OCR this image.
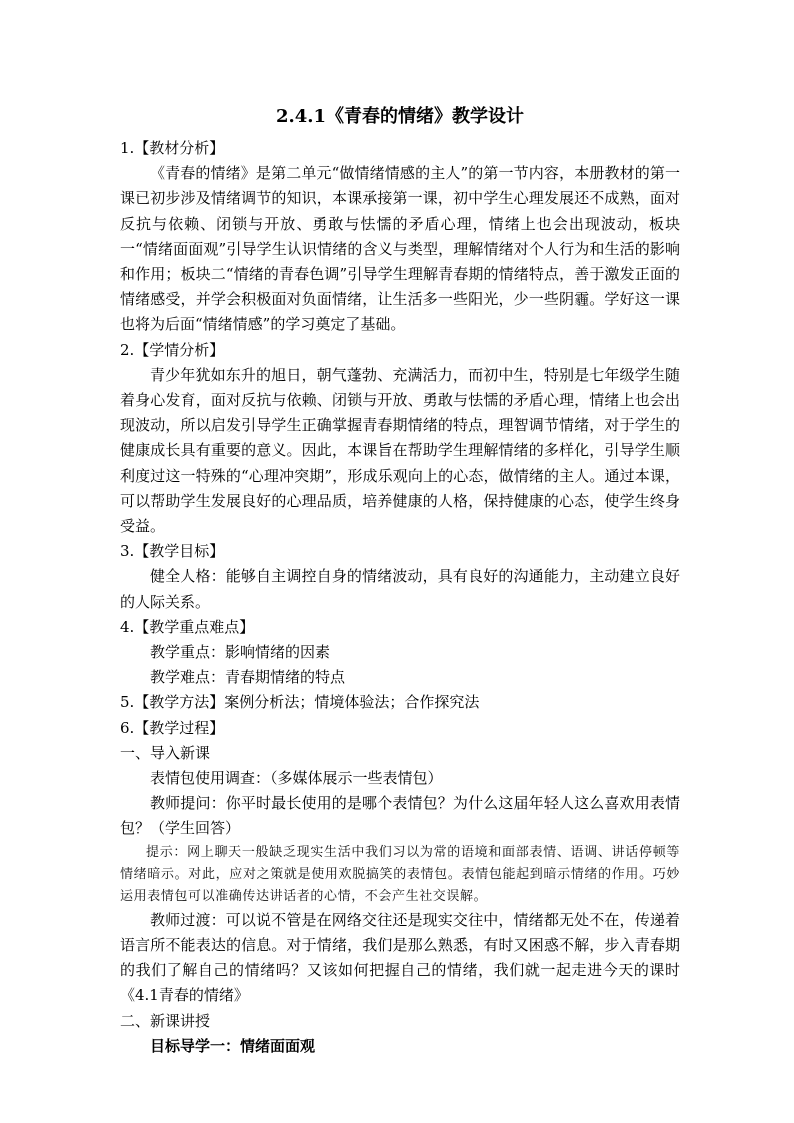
2.4.1《青春的情绪》教学设计
1.【教材分析】
《青春的情绪》是第二单元“做情绪情感的主人”的第一节内容，本册教材的第一课已初步涉及情绪调节的知识，本课承接第一课，初中学生心理发展还不成熟，面对反抗与依赖、闭锁与开放、勇敢与怯懦的矛盾心理，情绪上也会出现波动，板块一“情绪面面观”引导学生认识情绪的含义与类型，理解情绪对个人行为和生活的影响和作用；板块二“情绪的青春色调”引导学生理解青春期的情绪特点，善于激发正面的情绪感受，并学会积极面对负面情绪，让生活多一些阳光，少一些阴霾。学好这一课也将为后面“情绪情感”的学习奠定了基础。
2.【学情分析】
青少年犹如东升的旭日，朝气蓬勃、充满活力，而初中生，特别是七年级学生随着身心发育，面对反抗与依赖、闭锁与开放、勇敢与怯懦的矛盾心理，情绪上也会出现波动，所以启发引导学生正确掌握青春期情绪的特点，理智调节情绪，对于学生的健康成长具有重要的意义。因此，本课旨在帮助学生理解情绪的多样化，引导学生顺利度过这一特殊的“心理冲突期”，形成乐观向上的心态，做情绪的主人。通过本课，可以帮助学生发展良好的心理品质，培养健康的人格，保持健康的心态，使学生终身受益。
3.【教学目标】
健全人格：能够自主调控自身的情绪波动，具有良好的沟通能力，主动建立良好的人际关系。
4.【教学重点难点】
教学重点：影响情绪的因素
教学难点：青春期情绪的特点
5.【教学方法】案例分析法；情境体验法；合作探究法
6.【教学过程】
一、导入新课
表情包使用调查：（多媒体展示一些表情包）
教师提问：你平时最长使用的是哪个表情包？为什么这届年轻人这么喜欢用表情包？（学生回答）
提示：网上聊天一般缺乏现实生活中我们习以为常的语境和面部表情、语调、讲话停顿等情绪暗示。对此，应对之策就是使用欢脱搞笑的表情包。表情包能起到暗示情绪的作用。巧妙运用表情包可以准确传达讲话者的心情，不会产生社交误解。
教师过渡：可以说不管是在网络交往还是现实交往中，情绪都无处不在，传递着语言所不能表达的信息。对于情绪，我们是那么熟悉，有时又困惑不解，步入青春期的我们了解自己的情绪吗？又该如何把握自己的情绪，我们就一起走进今天的课时《4.1青春的情绪》
二、新课讲授
目标导学一：情绪面面观
